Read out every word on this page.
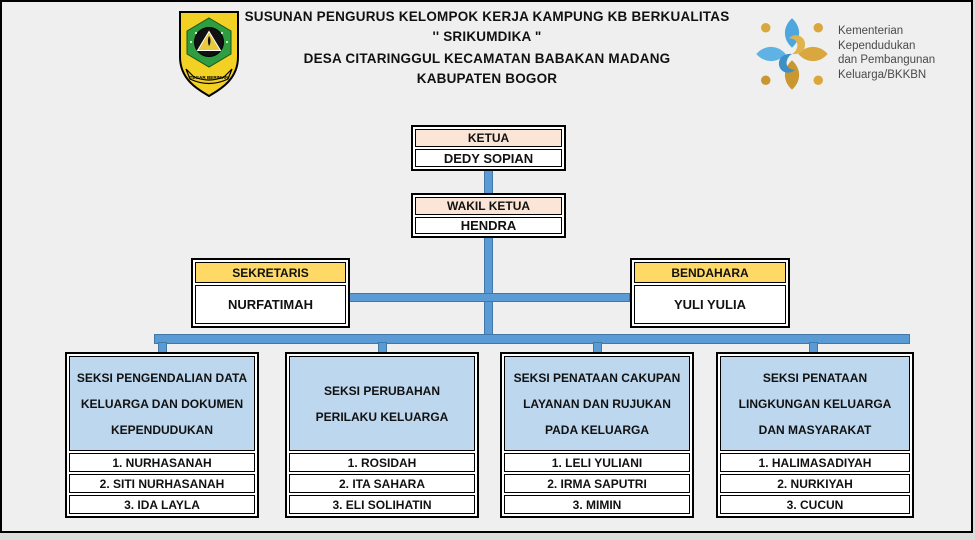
TEGAR BERIMAN
SUSUNAN PENGURUS KELOMPOK KERJA KAMPUNG KB BERKUALITAS
'' SRIKUMDIKA "
DESA CITARINGGUL KECAMATAN BABAKAN MADANG
KABUPATEN BOGOR
Kementerian
Kependudukan
dan Pembangunan
Keluarga/BKKBN
KETUA
DEDY SOPIAN
WAKIL KETUA
HENDRA
SEKRETARIS
NURFATIMAH
BENDAHARA
YULI YULIA
SEKSI PENGENDALIAN DATA KELUARGA DAN DOKUMEN KEPENDUDUKAN
1. NURHASANAH
2. SITI NURHASANAH
3. IDA LAYLA
SEKSI PERUBAHAN PERILAKU KELUARGA
1. ROSIDAH
2. ITA SAHARA
3. ELI SOLIHATIN
SEKSI PENATAAN CAKUPAN LAYANAN DAN RUJUKAN PADA KELUARGA
1. LELI YULIANI
2. IRMA SAPUTRI
3. MIMIN
SEKSI PENATAAN LINGKUNGAN KELUARGA DAN MASYARAKAT
1. HALIMASADIYAH
2. NURKIYAH
3. CUCUN
